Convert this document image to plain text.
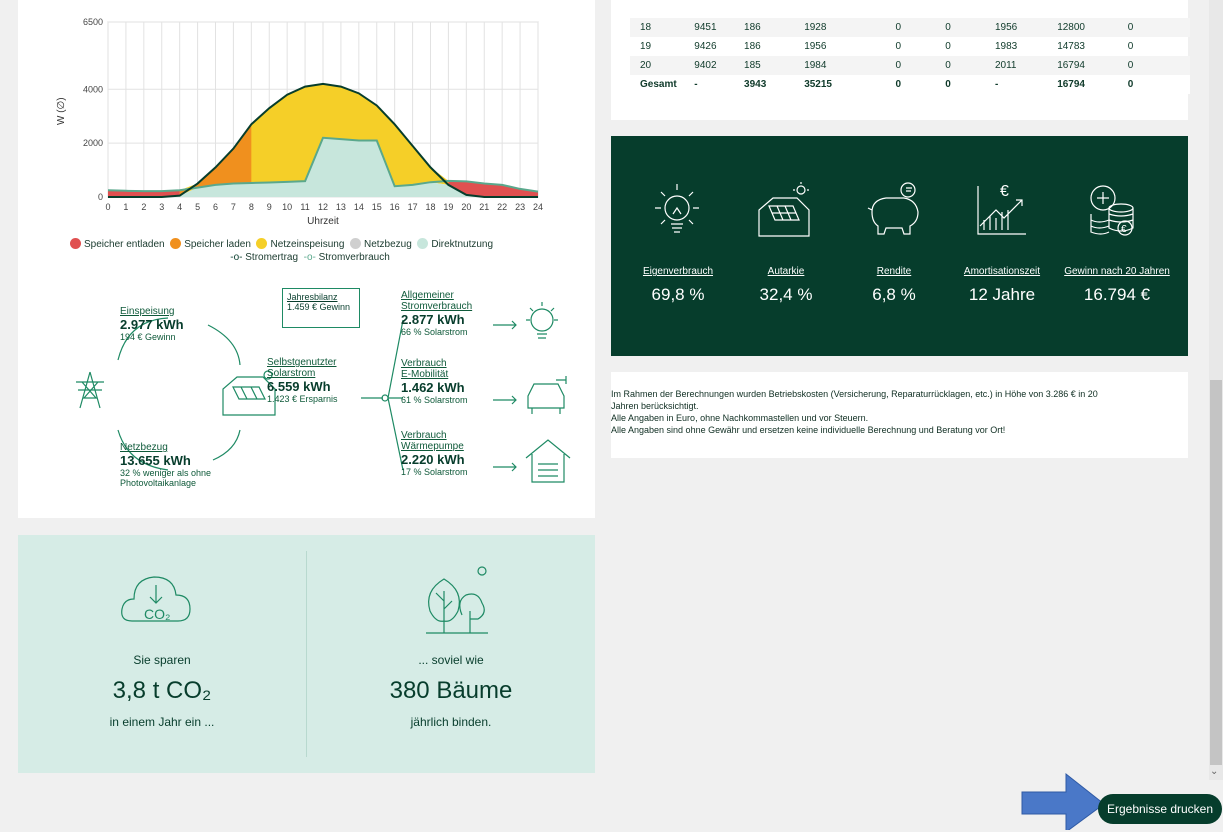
0 1 2 3 4 5 6 7 8 9 10 11 12 13 14 15 16 17 18 19 20 21 22 23 24
0
2000
4000
6500
W (∅)
Uhrzeit
Speicher entladen Speicher laden Netzeinspeisung Netzbezug Direktnutzung
-o- Stromertrag -o- Stromverbrauch
Jahresbilanz
1.459 € Gewinn
Einspeisung
2.977 kWh
194 € Gewinn
Netzbezug
13.655 kWh
32 % weniger als ohne
Photovoltaikanlage
Selbstgenutzter
Solarstrom
6.559 kWh
1.423 € Ersparnis
Allgemeiner
Stromverbrauch
2.877 kWh
66 % Solarstrom
Verbrauch
E-Mobilität
1.462 kWh
61 % Solarstrom
Verbrauch
Wärmepumpe
2.220 kWh
17 % Solarstrom
CO₂
Sie sparen
3,8 t CO₂
in einem Jahr ein ...
... soviel wie
380 Bäume
jährlich binden.
18	9451	186	1928	0	0	1956	12800	0
19	9426	186	1956	0	0	1983	14783	0
20	9402	185	1984	0	0	2011	16794	0
Gesamt	-	3943	35215	0	0	-	16794	0
€
€
Eigenverbrauch
69,8 %
Autarkie
32,4 %
Rendite
6,8 %
Amortisationszeit
12 Jahre
Gewinn nach 20 Jahren
16.794 €
Im Rahmen der Berechnungen wurden Betriebskosten (Versicherung, Reparaturrücklagen, etc.) in Höhe von 3.286 € in 20
Jahren berücksichtigt.
Alle Angaben in Euro, ohne Nachkommastellen und vor Steuern.
Alle Angaben sind ohne Gewähr und ersetzen keine individuelle Berechnung und Beratung vor Ort!
⌄
Ergebnisse drucken
